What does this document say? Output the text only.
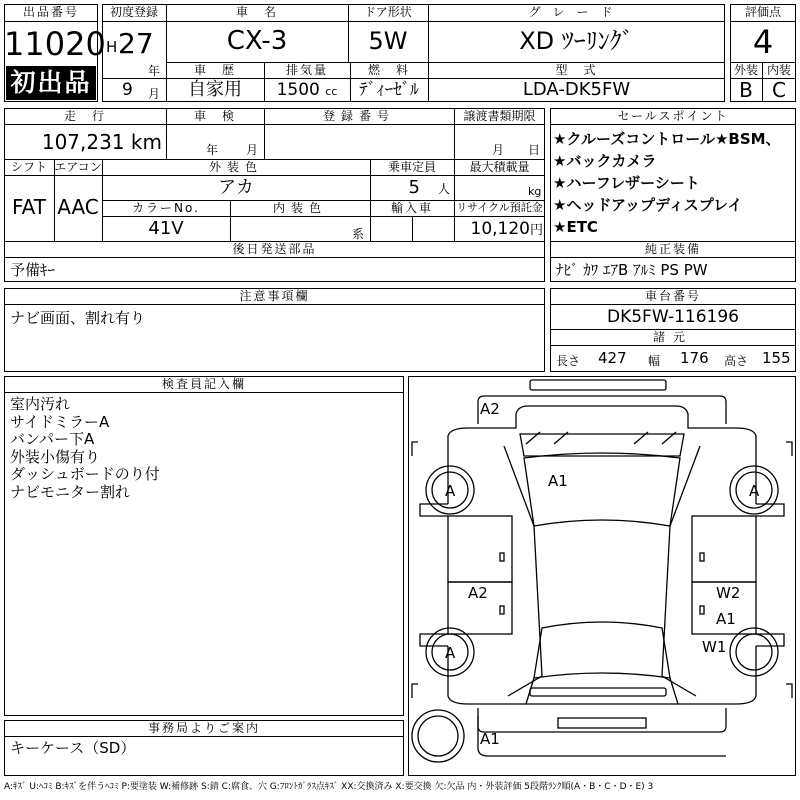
出品番号
11020
初出品
初度登録
H 27
年
9 月
車　名
CX-3
ドア形状
5W
グレード
XD ﾂｰﾘﾝｸﾞ
車　歴
自家用
排気量
1500 cc
燃　料
ﾃﾞｨｰｾﾞﾙ
型　式
LDA-DK5FW
評価点
4
外装 内装
B C
走　行
107,231 km
車　検
年 月
登録番号	譲渡書類期限
月 日
シフト
FAT
エアコン
AAC
外装色
アカ
乗車定員
5　 人
最大積載量
kg
カラーNo.
41V
内装色
系
輸入車	リサイクル預託金
10,120円
後日発送部品
予備ｷｰ
セールスポイント
★クルーズコントロール★BSM、
★バックカメラ
★ハーフレザーシート
★ヘッドアップディスプレイ
★ETC
純正装備
ﾅﾋﾞ ｶﾜ ｴｱB ｱﾙﾐ PS PW
注意事項欄
ナビ画面、割れ有り
車台番号
DK5FW-116196
諸元
長さ 427 幅 176 高さ 155
検査員記入欄
室内汚れ
サイドミラーA
バンパー下A
外装小傷有り
ダッシュボードのり付
ナビモニター割れ
事務局よりご案内
キーケース（SD）
A2
A1
A	A
A2	W2
A1
W1
A
A1
A:ｷｽﾞ U:ﾍｺﾐ B:ｷｽﾞを伴うﾍｺﾐ P:要塗装 W:補修跡 S:錆 C:腐食、穴 G:ﾌﾛﾝﾄｶﾞﾗｽ点ｷｽﾞ XX:交換済み X:要交換 欠:欠品 内・外装評価 5段階ﾗﾝｸ順(A・B・C・D・E) 3
